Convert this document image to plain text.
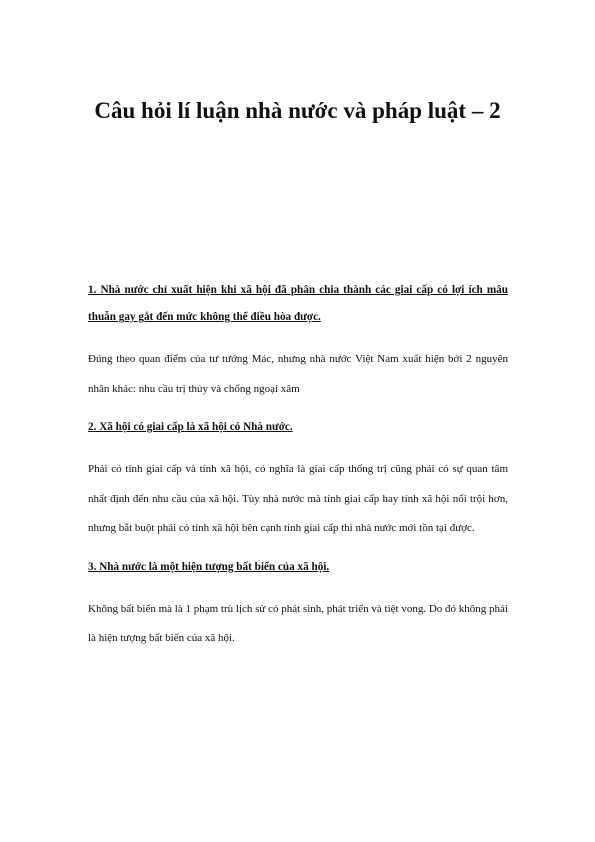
Câu hỏi lí luận nhà nước và pháp luật – 2

1. Nhà nước chỉ xuất hiện khi xã hội đã phân chia thành các giai cấp có lợi ích mâu thuẫn gay gắt đến mức không thể điều hòa được.

Đúng theo quan điểm của tư tưởng Mác, nhưng nhà nước Việt Nam xuất hiện bởi 2 nguyên nhân khác: nhu cầu trị thủy và chống ngoại xâm

2. Xã hội có giai cấp là xã hội có Nhà nước.

Phải có tính giai cấp và tính xã hội, có nghĩa là giai cấp thống trị cũng phải có sự quan tâm nhất định đến nhu cầu của xã hội. Tùy nhà nước mà tính giai cấp hay tính xã hội nổi trội hơn, nhưng bắt buột phải có tính xã hội bên cạnh tính giai cấp thì nhà nước mới tồn tại được.

3. Nhà nước là một hiện tượng bất biến của xã hội.

Không bất biến mà là 1 phạm trù lịch sử có phát sinh, phát triển và tiệt vong. Do đó không phải là hiện tượng bất biến của xã hội.
